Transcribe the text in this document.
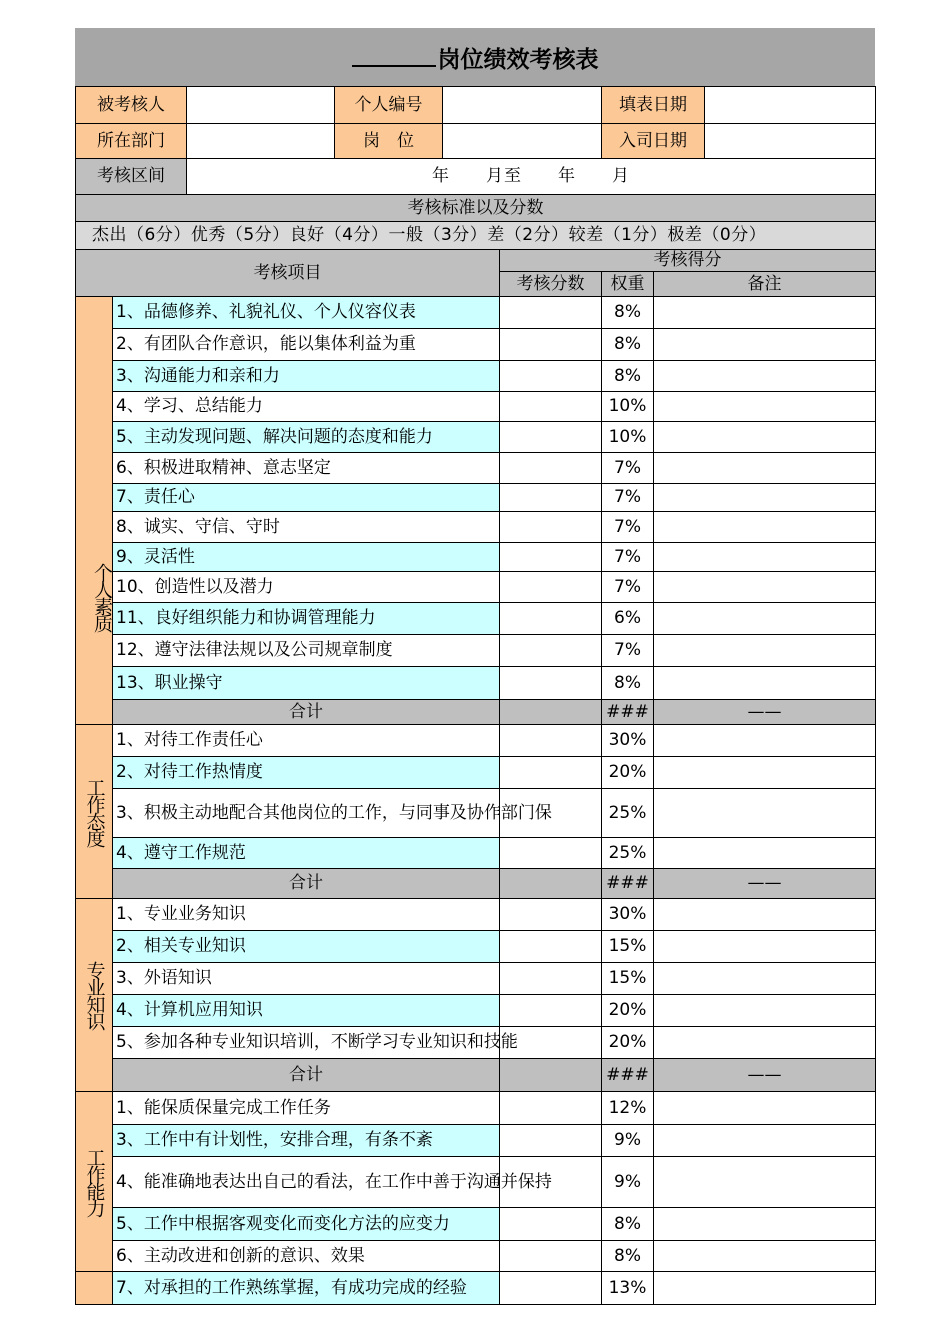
岗位绩效考核表
被考核人			个人编号			填表日期		
所在部门			岗　位			入司日期		
考核区间		年　　月至　　年　　月						
考核标准以及分数								
杰出（6分）优秀（5分）良好（4分）一般（3分）差（2分）较差（1分）极差（0分）								
考核项目					考核得分			
					考核分数	权重	备注	
个人素质	1、品德修养、礼貌礼仪、个人仪容仪表					8%		
	2、有团队合作意识，能以集体利益为重					8%		
	3、沟通能力和亲和力					8%		
	4、学习、总结能力					10%		
	5、主动发现问题、解决问题的态度和能力					10%		
	6、积极进取精神、意志坚定					7%		
	7、责任心					7%		
	8、诚实、守信、守时					7%		
	9、灵活性					7%		
	10、创造性以及潜力					7%		
	11、良好组织能力和协调管理能力					6%		
	12、遵守法律法规以及公司规章制度					7%		
	13、职业操守					8%		
	合计					###	——	
工作态度	1、对待工作责任心					30%		
	2、对待工作热情度					20%		
	3、积极主动地配合其他岗位的工作，与同事及协作部门保					25%		
	4、遵守工作规范					25%		
	合计					###	——	
专业知识	1、专业业务知识					30%		
	2、相关专业知识					15%		
	3、外语知识					15%		
	4、计算机应用知识					20%		
	5、参加各种专业知识培训，不断学习专业知识和技能					20%		
	合计					###	——	
工作能力	1、能保质保量完成工作任务					12%		
	3、工作中有计划性，安排合理，有条不紊					9%		
	4、能准确地表达出自己的看法，在工作中善于沟通并保持					9%		
	5、工作中根据客观变化而变化方法的应变力					8%		
	6、主动改进和创新的意识、效果					8%		
	7、对承担的工作熟练掌握，有成功完成的经验					13%		
